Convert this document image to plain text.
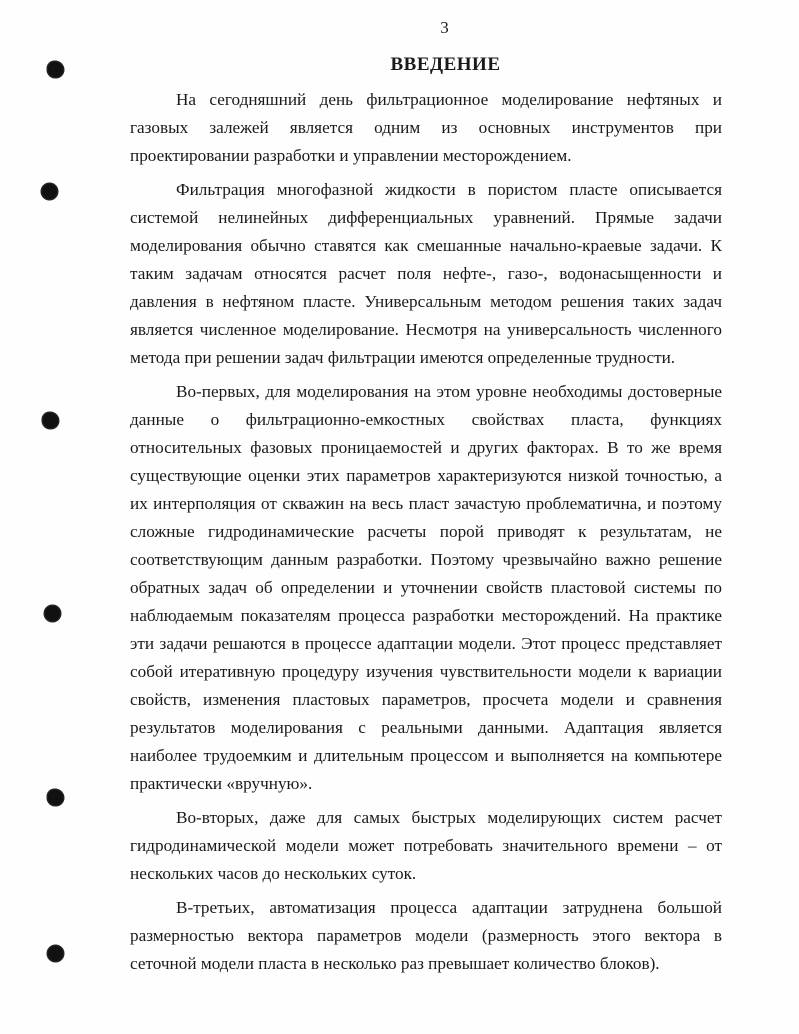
3
ВВЕДЕНИЕ

На сегодняшний день фильтрационное моделирование нефтяных и газовых залежей является одним из основных инструментов при проектировании разработки и управлении месторождением.

Фильтрация многофазной жидкости в пористом пласте описывается системой нелинейных дифференциальных уравнений. Прямые задачи моделирования обычно ставятся как смешанные начально-краевые задачи. К таким задачам относятся расчет поля нефте-, газо-, водонасыщенности и давления в нефтяном пласте. Универсальным методом решения таких задач является численное моделирование. Несмотря на универсальность численного метода при решении задач фильтрации имеются определенные трудности.

Во-первых, для моделирования на этом уровне необходимы достоверные данные о фильтрационно-емкостных свойствах пласта, функциях относительных фазовых проницаемостей и других факторах. В то же время существующие оценки этих параметров характеризуются низкой точностью, а их интерполяция от скважин на весь пласт зачастую проблематична, и поэтому сложные гидродинамические расчеты порой приводят к результатам, не соответствующим данным разработки. Поэтому чрезвычайно важно решение обратных задач об определении и уточнении свойств пластовой системы по наблюдаемым показателям процесса разработки месторождений. На практике эти задачи решаются в процессе адаптации модели. Этот процесс представляет собой итеративную процедуру изучения чувствительности модели к вариации свойств, изменения пластовых параметров, просчета модели и сравнения результатов моделирования с реальными данными. Адаптация является наиболее трудоемким и длительным процессом и выполняется на компьютере практически «вручную».

Во-вторых, даже для самых быстрых моделирующих систем расчет гидродинамической модели может потребовать значительного времени – от нескольких часов до нескольких суток.

В-третьих, автоматизация процесса адаптации затруднена большой размерностью вектора параметров модели (размерность этого вектора в сеточной модели пласта в несколько раз превышает количество блоков).
